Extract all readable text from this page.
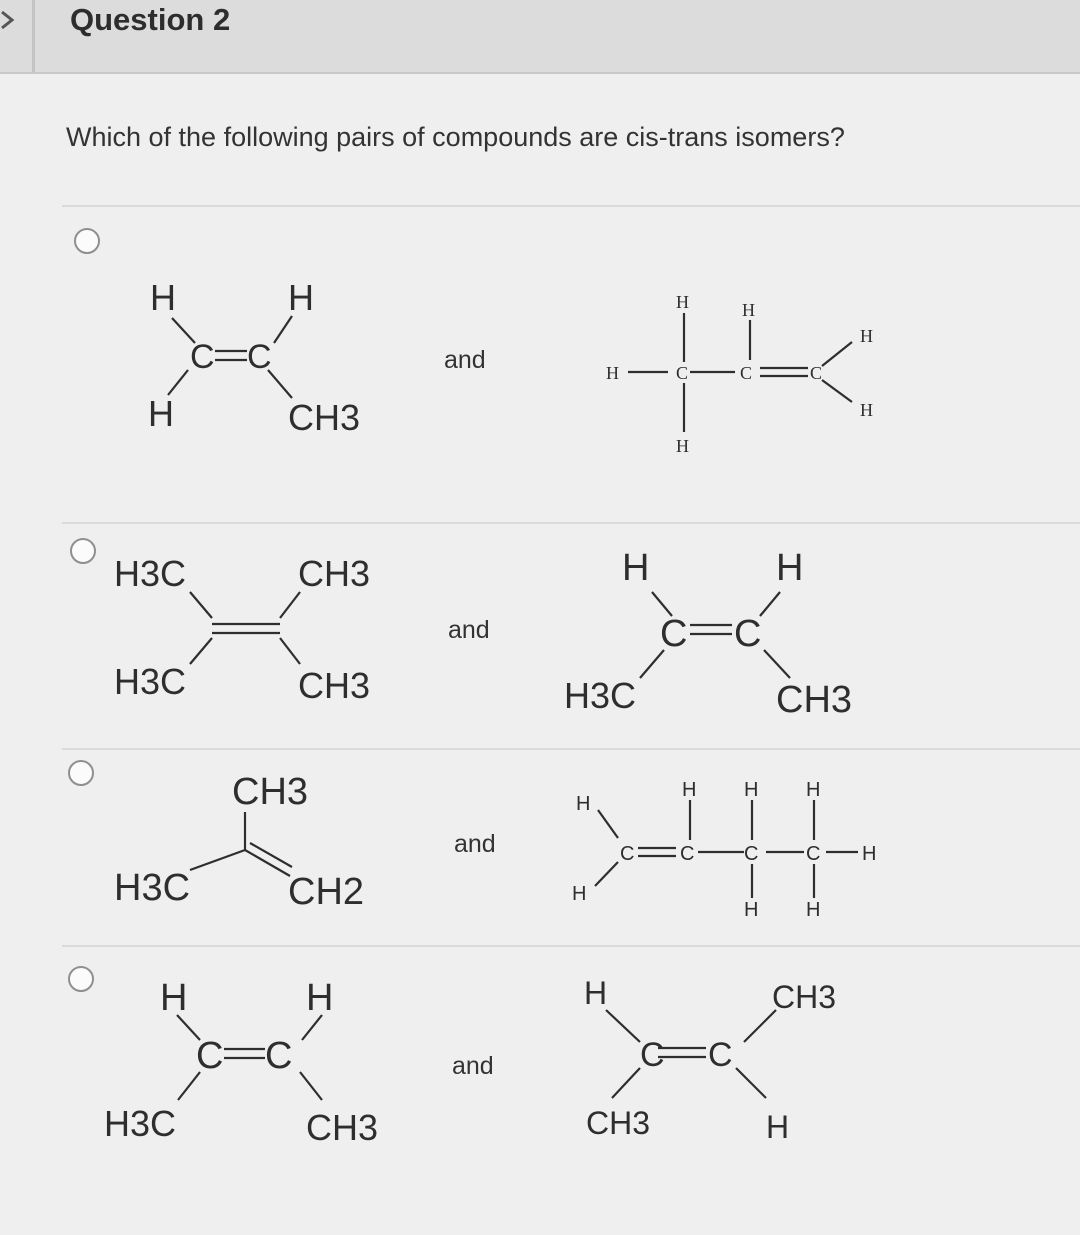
Question 2
Which of the following pairs of compounds are cis-trans isomers?
and
and
and
and
H	H
C C
H	CH3
H	H
H	C	C	C
H
H
H
H3C	CH3
H3C	CH3
H	H
C C
H3C	CH3
CH3
H3C	CH2
H
H
H H H
H H
H
C C C C
H	H
C C
H3C	CH3
H	CH3
C C
CH3	H
